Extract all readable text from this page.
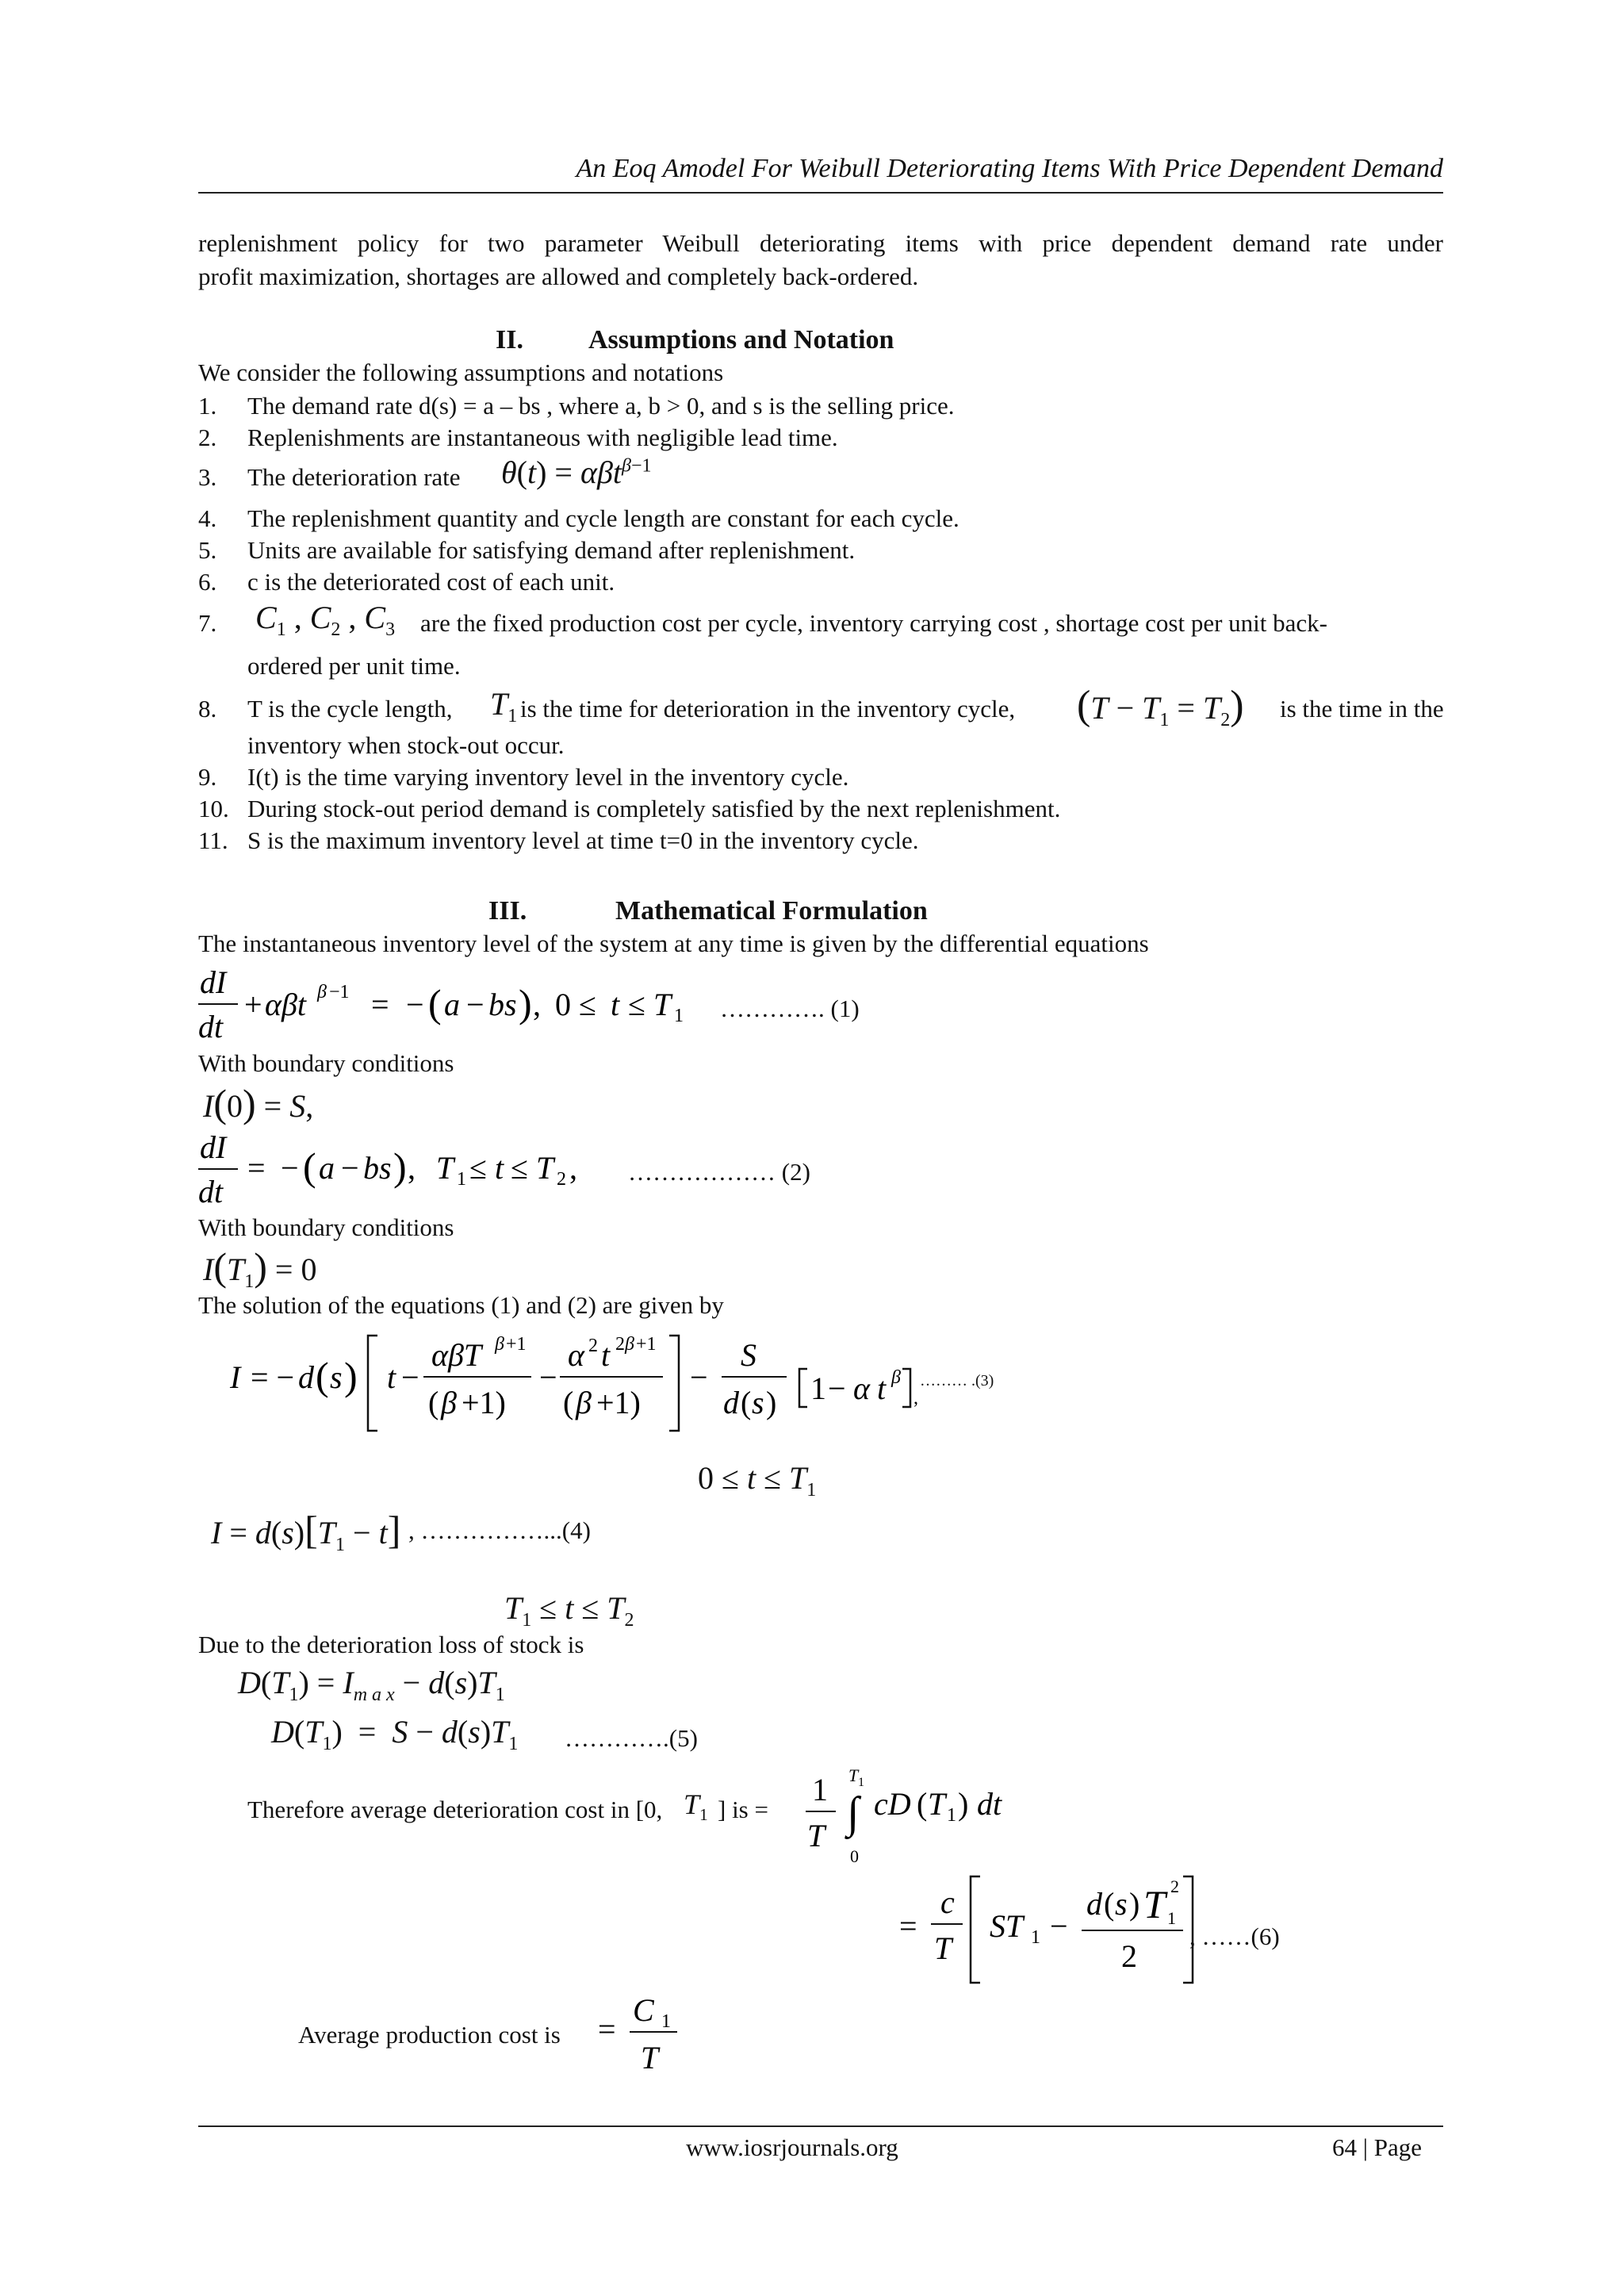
An Eoq Amodel For Weibull Deteriorating Items With Price Dependent Demand
replenishment policy for two parameter Weibull deteriorating items with price dependent demand rate under
profit maximization, shortages are allowed and completely back-ordered.
II. Assumptions and Notation
We consider the following assumptions and notations
1. The demand rate d(s) = a – bs , where a, b > 0, and s is the selling price.
2. Replenishments are instantaneous with negligible lead time.
3. The deterioration rate θ(t) = αβt$^{\beta-1}$
4. The replenishment quantity and cycle length are constant for each cycle.
5. Units are available for satisfying demand after replenishment.
6. c is the deteriorated cost of each unit.
7. $C_1$ , $C_2$ , $C_3$ are the fixed production cost per cycle, inventory carrying cost , shortage cost per unit back-
ordered per unit time.
8. T is the cycle length, $T_1$ is the time for deterioration in the inventory cycle, $(T - T_1 = T_2)$ is the time in the
inventory when stock-out occur.
9. I(t) is the time varying inventory level in the inventory cycle.
10. During stock-out period demand is completely satisfied by the next replenishment.
11. S is the maximum inventory level at time t=0 in the inventory cycle.
III.	Mathematical Formulation
The instantaneous inventory level of the system at any time is given by the differential equations
dI
dt
+ αβt β −1 = − ( a − bs ) , 0 ≤ t ≤ T 1 …………. (1)
With boundary conditions
I(0) = S,
dI
dt
= − ( a − bs ) , T 1 ≤ t ≤ T 2 , ……………… (2)
With boundary conditions
$I(T_1) = 0$
The solution of the equations (1) and (2) are given by
I = − d ( s ) t −
αβT β +1
( β +1)
−
α 2 t 2 β +1
( β +1)
−
S
d ( s ) 1 − α t β
,
……… .(3)
$0 \le t \le T_1$
$I = d(s)[T_1 - t]$ , ……………...(4)
$T_1 \le t \le T_2$
Due to the deterioration loss of stock is
$D(T_1) = I_{m a x} - d(s)T_1$
$D(T_1) = S - d(s)T_1$ ………….(5)
Therefore average deterioration cost in [0, $T_1$ ] is =
1
T
T 1
∫
0
cD ( T 1 ) dt
=
c
T
ST 1 −
d ( s ) T 2
1
2
, ……(6)
Average production cost is =
C 1
T
www.iosrjournals.org	64 | Page
